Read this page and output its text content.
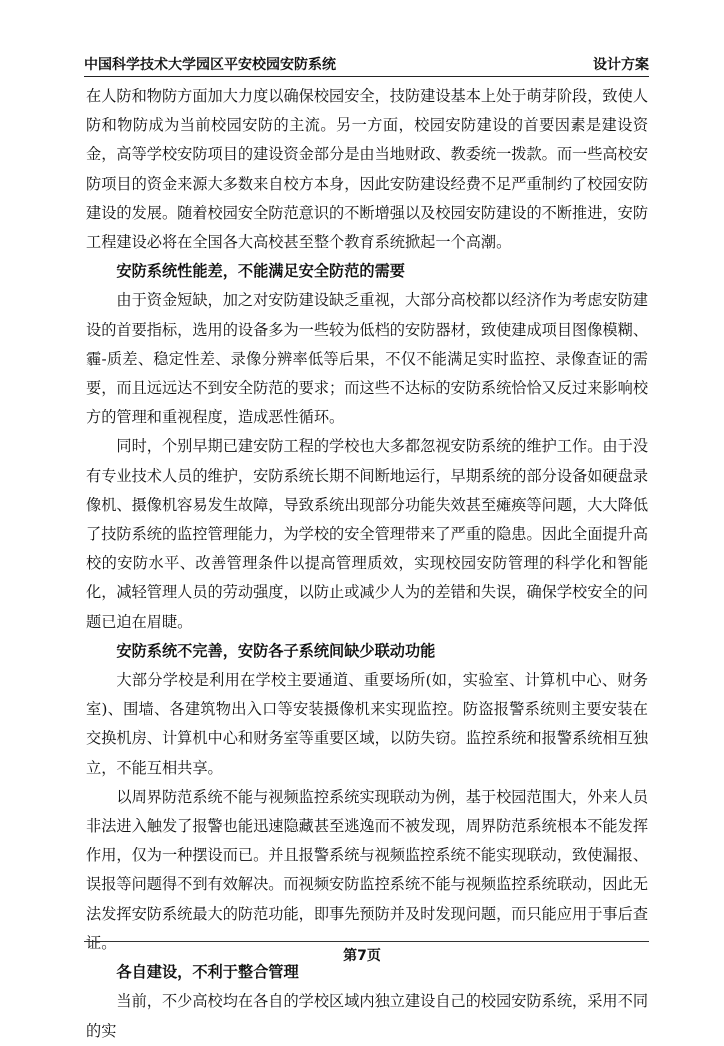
中国科学技术大学园区平安校园安防系统	设计方案

在人防和物防方面加大力度以确保校园安全，技防建设基本上处于萌芽阶段，致使人防和物防成为当前校园安防的主流。另一方面，校园安防建设的首要因素是建设资金，高等学校安防项目的建设资金部分是由当地财政、教委统一拨款。而一些高校安防项目的资金来源大多数来自校方本身，因此安防建设经费不足严重制约了校园安防建设的发展。随着校园安全防范意识的不断增强以及校园安防建设的不断推进，安防工程建设必将在全国各大高校甚至整个教育系统掀起一个高潮。

安防系统性能差，不能满足安全防范的需要

由于资金短缺，加之对安防建设缺乏重视，大部分高校都以经济作为考虑安防建设的首要指标，选用的设备多为一些较为低档的安防器材，致使建成项目图像模糊、霾-质差、稳定性差、录像分辨率低等后果，不仅不能满足实时监控、录像查证的需要，而且远远达不到安全防范的要求；而这些不达标的安防系统恰恰又反过来影响校方的管理和重视程度，造成恶性循环。

同时，个别早期已建安防工程的学校也大多都忽视安防系统的维护工作。由于没有专业技术人员的维护，安防系统长期不间断地运行，早期系统的部分设备如硬盘录像机、摄像机容易发生故障，导致系统出现部分功能失效甚至瘫痪等问题，大大降低了技防系统的监控管理能力，为学校的安全管理带来了严重的隐患。因此全面提升高校的安防水平、改善管理条件以提高管理质效，实现校园安防管理的科学化和智能化，减轻管理人员的劳动强度，以防止或减少人为的差错和失误，确保学校安全的问题已迫在眉睫。

安防系统不完善，安防各子系统间缺少联动功能

大部分学校是利用在学校主要通道、重要场所(如，实验室、计算机中心、财务室)、围墙、各建筑物出入口等安装摄像机来实现监控。防盗报警系统则主要安装在交换机房、计算机中心和财务室等重要区域，以防失窃。监控系统和报警系统相互独立，不能互相共享。

以周界防范系统不能与视频监控系统实现联动为例，基于校园范围大，外来人员非法进入触发了报警也能迅速隐藏甚至逃逸而不被发现，周界防范系统根本不能发挥作用，仅为一种摆设而已。并且报警系统与视频监控系统不能实现联动，致使漏报、误报等问题得不到有效解决。而视频安防监控系统不能与视频监控系统联动，因此无法发挥安防系统最大的防范功能，即事先预防并及时发现问题，而只能应用于事后查证。

各自建设，不利于整合管理

当前，不少高校均在各自的学校区域内独立建设自己的校园安防系统，采用不同的实

第7页
